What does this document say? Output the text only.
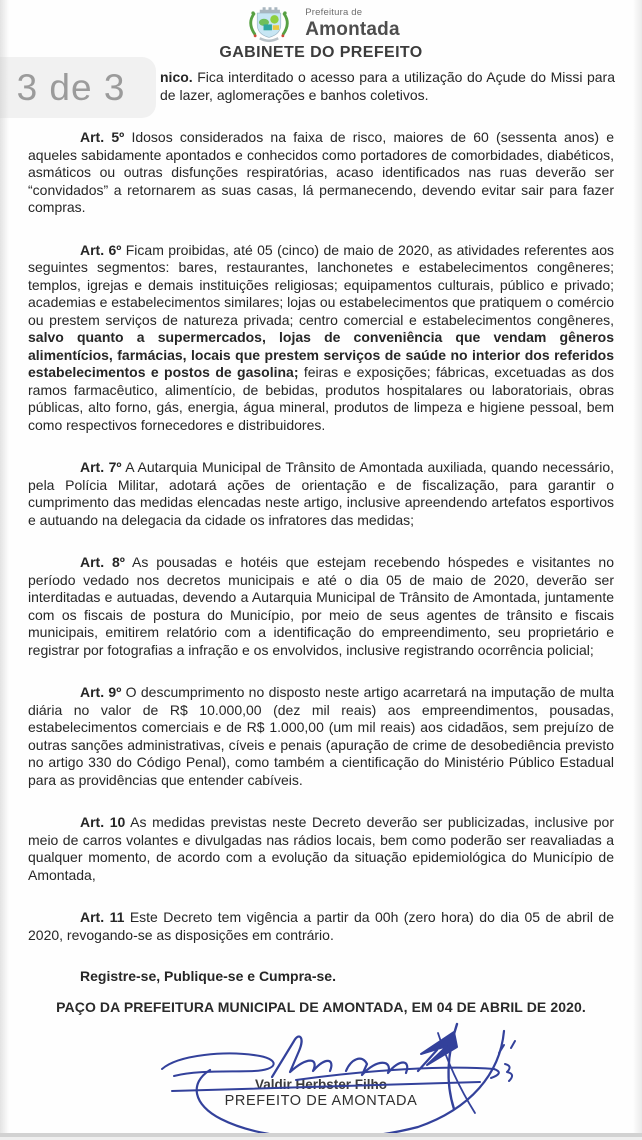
3 de 3
Prefeitura de
Amontada
GABINETE DO PREFEITO
nico. Fica interditado o acesso para a utilização do Açude do Missi para
de lazer, aglomerações e banhos coletivos.

Art. 5º Idosos considerados na faixa de risco, maiores de 60 (sessenta anos) e aqueles sabidamente apontados e conhecidos como portadores de comorbidades, diabéticos, asmáticos ou outras disfunções respiratórias, acaso identificados nas ruas deverão ser “convidados” a retornarem as suas casas, lá permanecendo, devendo evitar sair para fazer compras.

Art. 6º Ficam proibidas, até 05 (cinco) de maio de 2020, as atividades referentes aos seguintes segmentos: bares, restaurantes, lanchonetes e estabelecimentos congêneres; templos, igrejas e demais instituições religiosas; equipamentos culturais, público e privado; academias e estabelecimentos similares; lojas ou estabelecimentos que pratiquem o comércio ou prestem serviços de natureza privada; centro comercial e estabelecimentos congêneres, salvo quanto a supermercados, lojas de conveniência que vendam gêneros alimentícios, farmácias, locais que prestem serviços de saúde no interior dos referidos estabelecimentos e postos de gasolina; feiras e exposições; fábricas, excetuadas as dos ramos farmacêutico, alimentício, de bebidas, produtos hospitalares ou laboratoriais, obras públicas, alto forno, gás, energia, água mineral, produtos de limpeza e higiene pessoal, bem como respectivos fornecedores e distribuidores.

Art. 7º A Autarquia Municipal de Trânsito de Amontada auxiliada, quando necessário, pela Polícia Militar, adotará ações de orientação e de fiscalização, para garantir o cumprimento das medidas elencadas neste artigo, inclusive apreendendo artefatos esportivos e autuando na delegacia da cidade os infratores das medidas;

Art. 8º As pousadas e hotéis que estejam recebendo hóspedes e visitantes no período vedado nos decretos municipais e até o dia 05 de maio de 2020, deverão ser interditadas e autuadas, devendo a Autarquia Municipal de Trânsito de Amontada, juntamente com os fiscais de postura do Município, por meio de seus agentes de trânsito e fiscais municipais, emitirem relatório com a identificação do empreendimento, seu proprietário e registrar por fotografias a infração e os envolvidos, inclusive registrando ocorrência policial;

Art. 9º O descumprimento no disposto neste artigo acarretará na imputação de multa diária no valor de R$ 10.000,00 (dez mil reais) aos empreendimentos, pousadas, estabelecimentos comerciais e de R$ 1.000,00 (um mil reais) aos cidadãos, sem prejuízo de outras sanções administrativas, cíveis e penais (apuração de crime de desobediência previsto no artigo 330 do Código Penal), como também a cientificação do Ministério Público Estadual para as providências que entender cabíveis.

Art. 10 As medidas previstas neste Decreto deverão ser publicizadas, inclusive por meio de carros volantes e divulgadas nas rádios locais, bem como poderão ser reavaliadas a qualquer momento, de acordo com a evolução da situação epidemiológica do Município de Amontada,

Art. 11 Este Decreto tem vigência a partir da 00h (zero hora) do dia 05 de abril de 2020, revogando-se as disposições em contrário.

Registre-se, Publique-se e Cumpra-se.
PAÇO DA PREFEITURA MUNICIPAL DE AMONTADA, EM 04 DE ABRIL DE 2020.
Valdir Herbster Filho
PREFEITO DE AMONTADA
